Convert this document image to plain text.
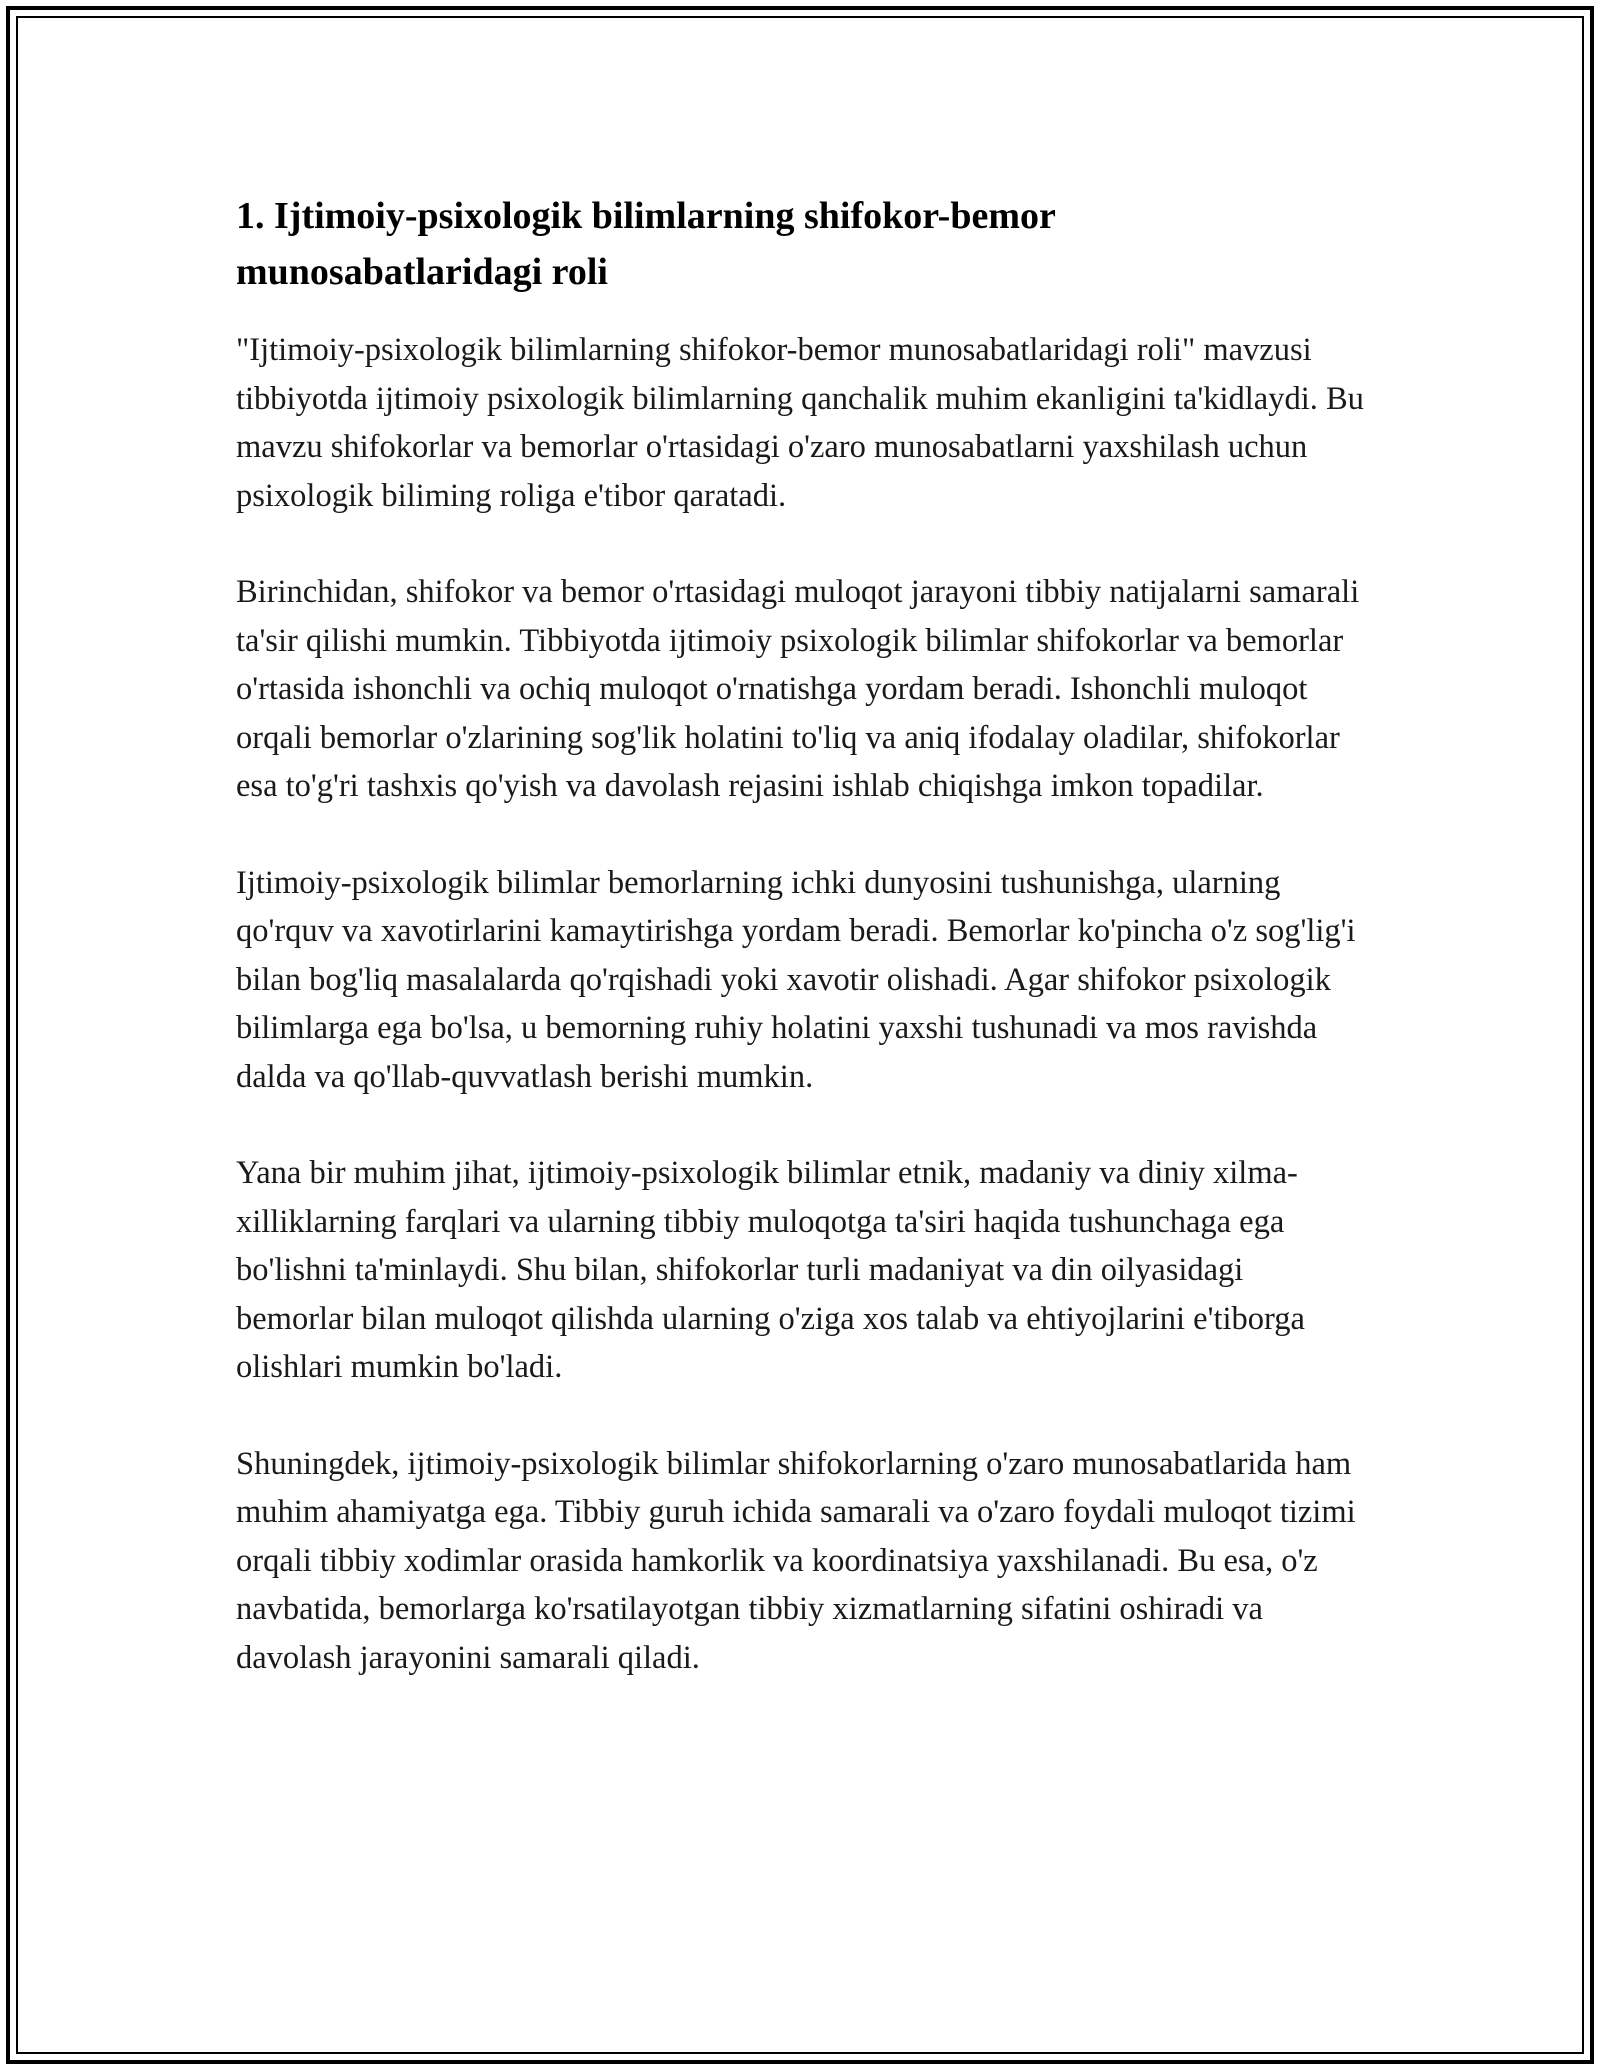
1. Ijtimoiy-psixologik bilimlarning shifokor-bemor munosabatlaridagi roli

"Ijtimoiy-psixologik bilimlarning shifokor-bemor munosabatlaridagi roli" mavzusi tibbiyotda ijtimoiy psixologik bilimlarning qanchalik muhim ekanligini ta'kidlaydi. Bu mavzu shifokorlar va bemorlar o'rtasidagi o'zaro munosabatlarni yaxshilash uchun psixologik biliming roliga e'tibor qaratadi.

Birinchidan, shifokor va bemor o'rtasidagi muloqot jarayoni tibbiy natijalarni samarali ta'sir qilishi mumkin. Tibbiyotda ijtimoiy psixologik bilimlar shifokorlar va bemorlar o'rtasida ishonchli va ochiq muloqot o'rnatishga yordam beradi. Ishonchli muloqot orqali bemorlar o'zlarining sog'lik holatini to'liq va aniq ifodalay oladilar, shifokorlar esa to'g'ri tashxis qo'yish va davolash rejasini ishlab chiqishga imkon topadilar.

Ijtimoiy-psixologik bilimlar bemorlarning ichki dunyosini tushunishga, ularning qo'rquv va xavotirlarini kamaytirishga yordam beradi. Bemorlar ko'pincha o'z sog'lig'i bilan bog'liq masalalarda qo'rqishadi yoki xavotir olishadi. Agar shifokor psixologik bilimlarga ega bo'lsa, u bemorning ruhiy holatini yaxshi tushunadi va mos ravishda dalda va qo'llab-quvvatlash berishi mumkin.

Yana bir muhim jihat, ijtimoiy-psixologik bilimlar etnik, madaniy va diniy xilma-xilliklarning farqlari va ularning tibbiy muloqotga ta'siri haqida tushunchaga ega bo'lishni ta'minlaydi. Shu bilan, shifokorlar turli madaniyat va din oilyasidagi bemorlar bilan muloqot qilishda ularning o'ziga xos talab va ehtiyojlarini e'tiborga olishlari mumkin bo'ladi.

Shuningdek, ijtimoiy-psixologik bilimlar shifokorlarning o'zaro munosabatlarida ham muhim ahamiyatga ega. Tibbiy guruh ichida samarali va o'zaro foydali muloqot tizimi orqali tibbiy xodimlar orasida hamkorlik va koordinatsiya yaxshilanadi. Bu esa, o'z navbatida, bemorlarga ko'rsatilayotgan tibbiy xizmatlarning sifatini oshiradi va davolash jarayonini samarali qiladi.
